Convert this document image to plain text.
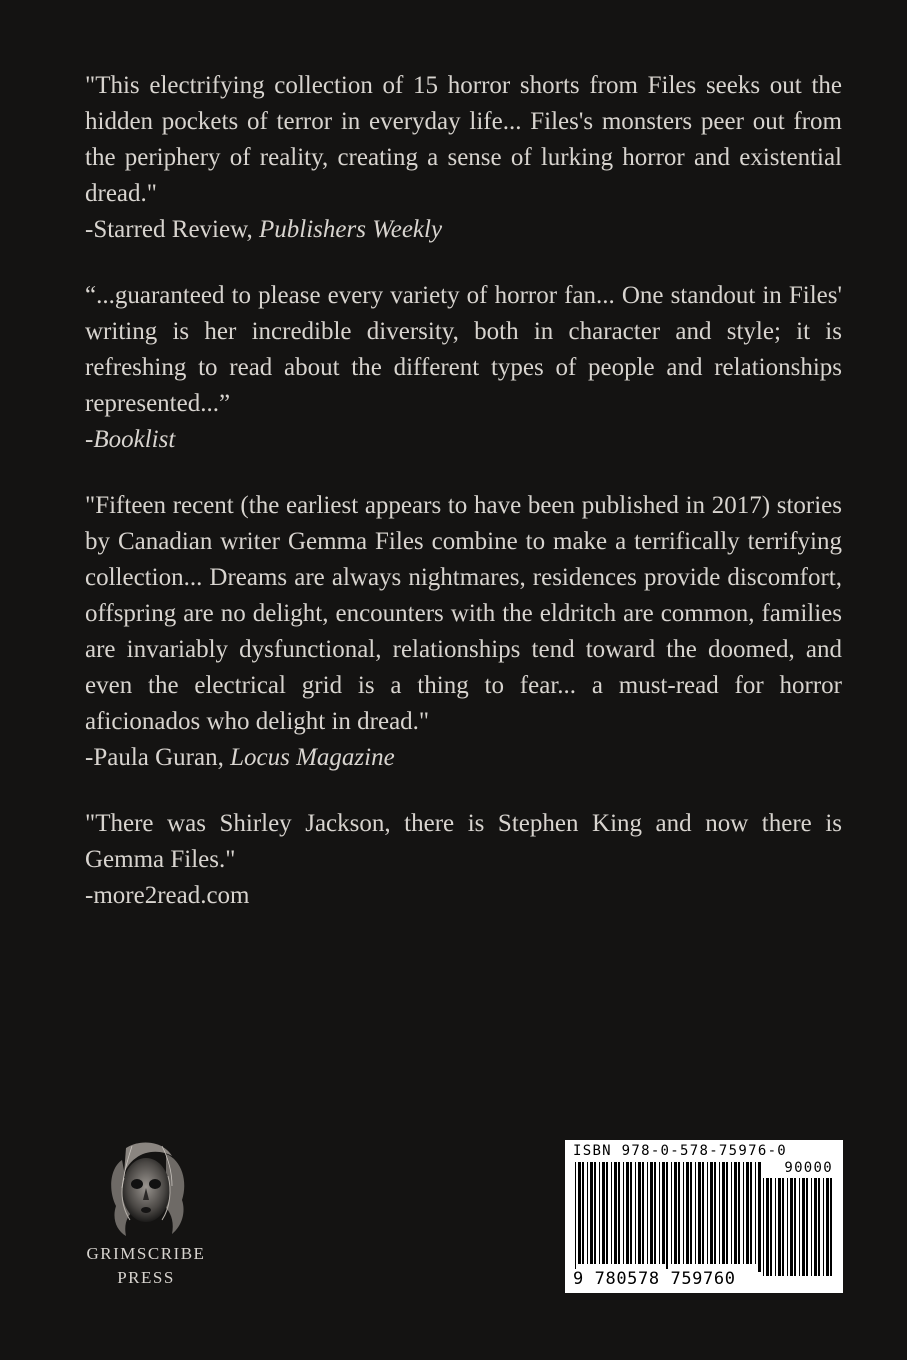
"This electrifying collection of 15 horror shorts from Files seeks out the hidden pockets of terror in everyday life... Files's monsters peer out from the periphery of reality, creating a sense of lurking horror and existential dread."

-Starred Review, Publishers Weekly

“...guaranteed to please every variety of horror fan... One standout in Files' writing is her incredible diversity, both in character and style; it is refreshing to read about the different types of people and relationships represented...”

-Booklist

"Fifteen recent (the earliest appears to have been published in 2017) stories by Canadian writer Gemma Files combine to make a terrifically terrifying collection... Dreams are always nightmares, residences provide discomfort, offspring are no delight, encounters with the eldritch are common, families are invariably dysfunctional, relationships tend toward the doomed, and even the electrical grid is a thing to fear... a must-read for horror aficionados who delight in dread."

-Paula Guran, Locus Magazine

"There was Shirley Jackson, there is Stephen King and now there is Gemma Files."

-more2read.com

GRIMSCRIBE
PRESS
ISBN 978-0-578-75976-0
90000
9 780578 759760
